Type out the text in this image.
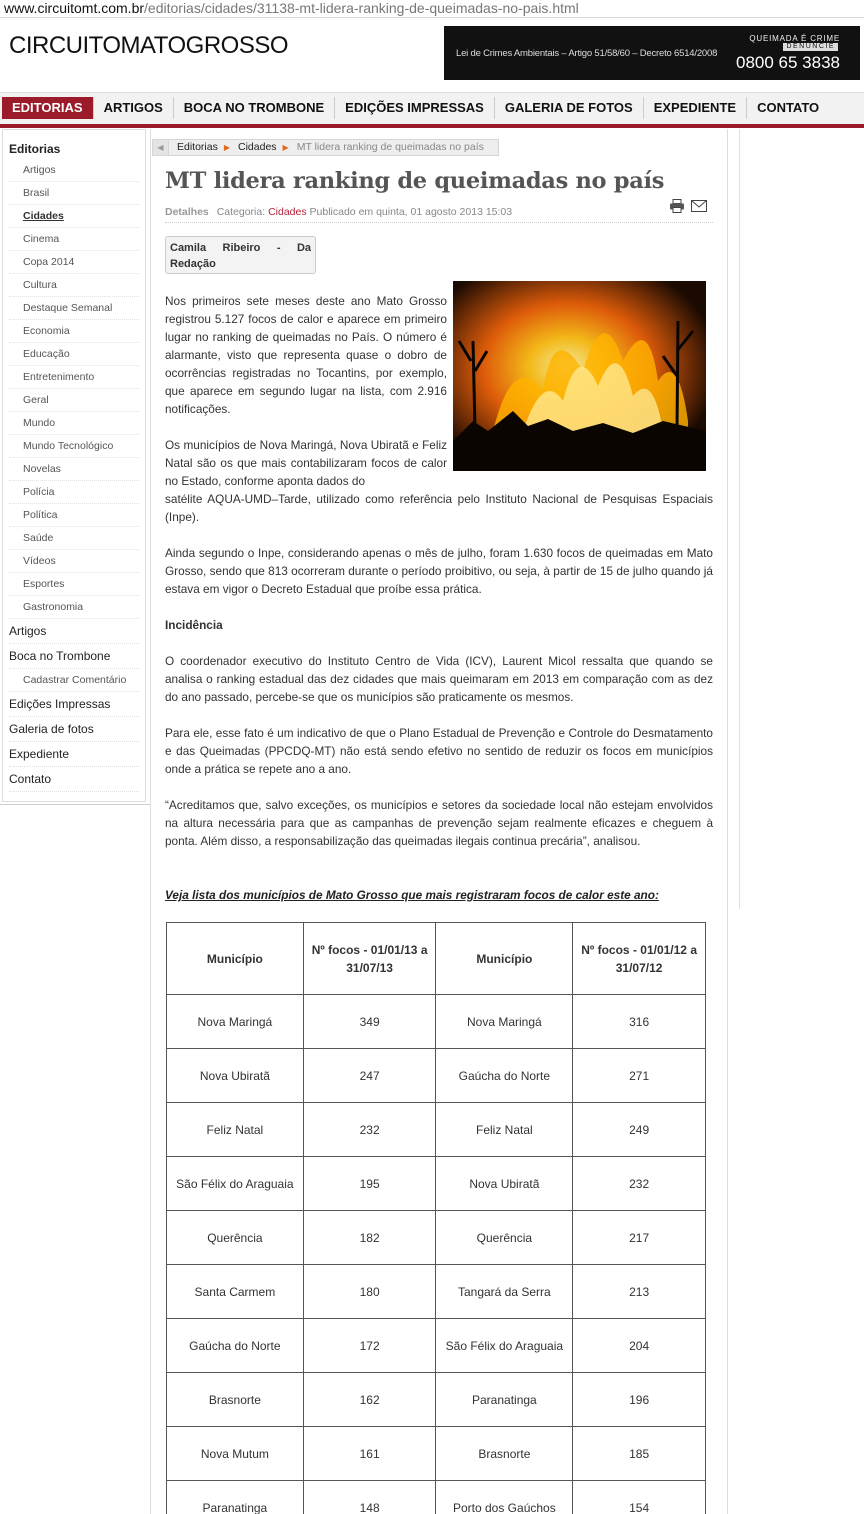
www.circuitomt.com.br/editorias/cidades/31138-mt-lidera-ranking-de-queimadas-no-pais.html
CIRCUITOMATOGROSSO	Lei de Crimes Ambientais – Artigo 51/58/60 – Decreto 6514/2008
QUEIMADA É CRIME
DENUNCIE
0800 65 3838
EDITORIAS	ARTIGOS	BOCA NO TROMBONE	EDIÇÕES IMPRESSAS	GALERIA DE FOTOS	EXPEDIENTE	CONTATO
Editorias
Artigos
Brasil
Cidades
Cinema
Copa 2014
Cultura
Destaque Semanal
Economia
Educação
Entretenimento
Geral
Mundo
Mundo Tecnológico
Novelas
Polícia
Política
Saúde
Vídeos
Esportes
Gastronomia
Artigos
Boca no Trombone
Cadastrar Comentário
Edições Impressas
Galeria de fotos
Expediente
Contato
◀	Editorias ▶ Cidades ▶ MT lidera ranking de queimadas no país
MT lidera ranking de queimadas no país
Detalhes Categoria: Cidades Publicado em quinta, 01 agosto 2013 15:03
Camila Ribeiro - Da Redação

Nos primeiros sete meses deste ano Mato Grosso registrou 5.127 focos de calor e aparece em primeiro lugar no ranking de queimadas no País. O número é alarmante, visto que representa quase o dobro de ocorrências registradas no Tocantins, por exemplo, que aparece em segundo lugar na lista, com 2.916 notificações.

Os municípios de Nova Maringá, Nova Ubiratã e Feliz Natal são os que mais contabilizaram focos de calor no Estado, conforme aponta dados do

satélite AQUA-UMD–Tarde, utilizado como referência pelo Instituto Nacional de Pesquisas Espaciais (Inpe).

Ainda segundo o Inpe, considerando apenas o mês de julho, foram 1.630 focos de queimadas em Mato Grosso, sendo que 813 ocorreram durante o período proibitivo, ou seja, à partir de 15 de julho quando já estava em vigor o Decreto Estadual que proíbe essa prática.

Incidência

O coordenador executivo do Instituto Centro de Vida (ICV), Laurent Micol ressalta que quando se analisa o ranking estadual das dez cidades que mais queimaram em 2013 em comparação com as dez do ano passado, percebe-se que os municípios são praticamente os mesmos.

Para ele, esse fato é um indicativo de que o Plano Estadual de Prevenção e Controle do Desmatamento e das Queimadas (PPCDQ-MT) não está sendo efetivo no sentido de reduzir os focos em municípios onde a prática se repete ano a ano.

“Acreditamos que, salvo exceções, os municípios e setores da sociedade local não estejam envolvidos na altura necessária para que as campanhas de prevenção sejam realmente eficazes e cheguem à ponta. Além disso, a responsabilização das queimadas ilegais continua precária”, analisou.

Veja lista dos municípios de Mato Grosso que mais registraram focos de calor este ano:

Município	Nº focos - 01/01/13 a 31/07/13	Município	Nº focos - 01/01/12 a 31/07/12
Nova Maringá	349	Nova Maringá	316
Nova Ubiratã	247	Gaúcha do Norte	271
Feliz Natal	232	Feliz Natal	249
São Félix do Araguaia	195	Nova Ubiratã	232
Querência	182	Querência	217
Santa Carmem	180	Tangará da Serra	213
Gaúcha do Norte	172	São Félix do Araguaia	204
Brasnorte	162	Paranatinga	196
Nova Mutum	161	Brasnorte	185
Paranatinga	148	Porto dos Gaúchos	154
